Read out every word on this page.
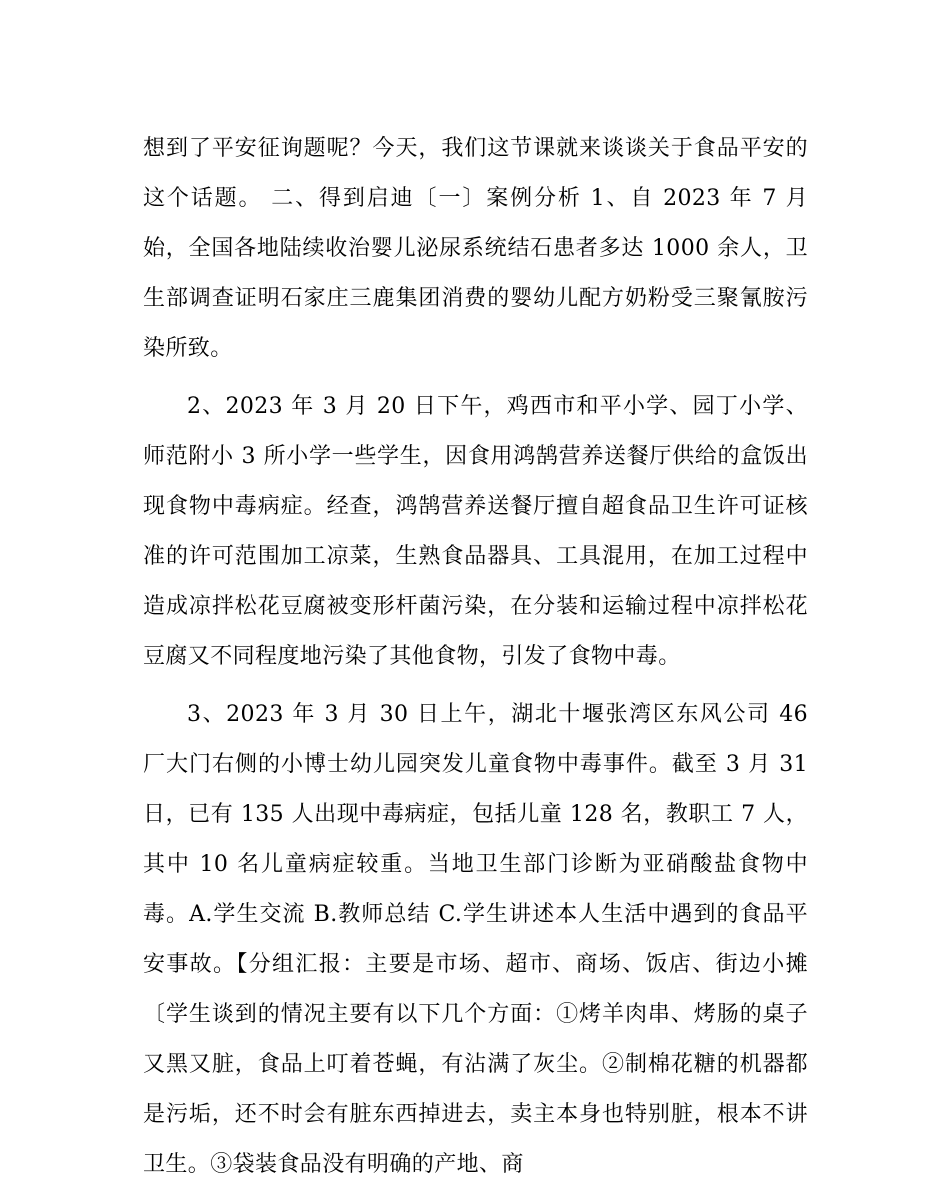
想到了平安征询题呢？今天，我们这节课就来谈谈关于食品平安的这个话题。 二、得到启迪〔一〕案例分析 1、自 2023 年 7 月始，全国各地陆续收治婴儿泌尿系统结石患者多达 1000 余人，卫生部调查证明石家庄三鹿集团消费的婴幼儿配方奶粉受三聚氰胺污染所致。

2、2023 年 3 月 20 日下午，鸡西市和平小学、园丁小学、师范附小 3 所小学一些学生，因食用鸿鹄营养送餐厅供给的盒饭出现食物中毒病症。经查，鸿鹄营养送餐厅擅自超食品卫生许可证核准的许可范围加工凉菜，生熟食品器具、工具混用，在加工过程中造成凉拌松花豆腐被变形杆菌污染，在分装和运输过程中凉拌松花豆腐又不同程度地污染了其他食物，引发了食物中毒。

3、2023 年 3 月 30 日上午，湖北十堰张湾区东风公司 46 厂大门右侧的小博士幼儿园突发儿童食物中毒事件。截至 3 月 31 日，已有 135 人出现中毒病症，包括儿童 128 名，教职工 7 人，其中 10 名儿童病症较重。当地卫生部门诊断为亚硝酸盐食物中毒。A.学生交流 B.教师总结 C.学生讲述本人生活中遇到的食品平安事故。【分组汇报：主要是市场、超市、商场、饭店、街边小摊〔学生谈到的情况主要有以下几个方面：①烤羊肉串、烤肠的桌子又黑又脏，食品上叮着苍蝇，有沾满了灰尘。②制棉花糖的机器都是污垢，还不时会有脏东西掉进去，卖主本身也特别脏，根本不讲卫生。③袋装食品没有明确的产地、商
